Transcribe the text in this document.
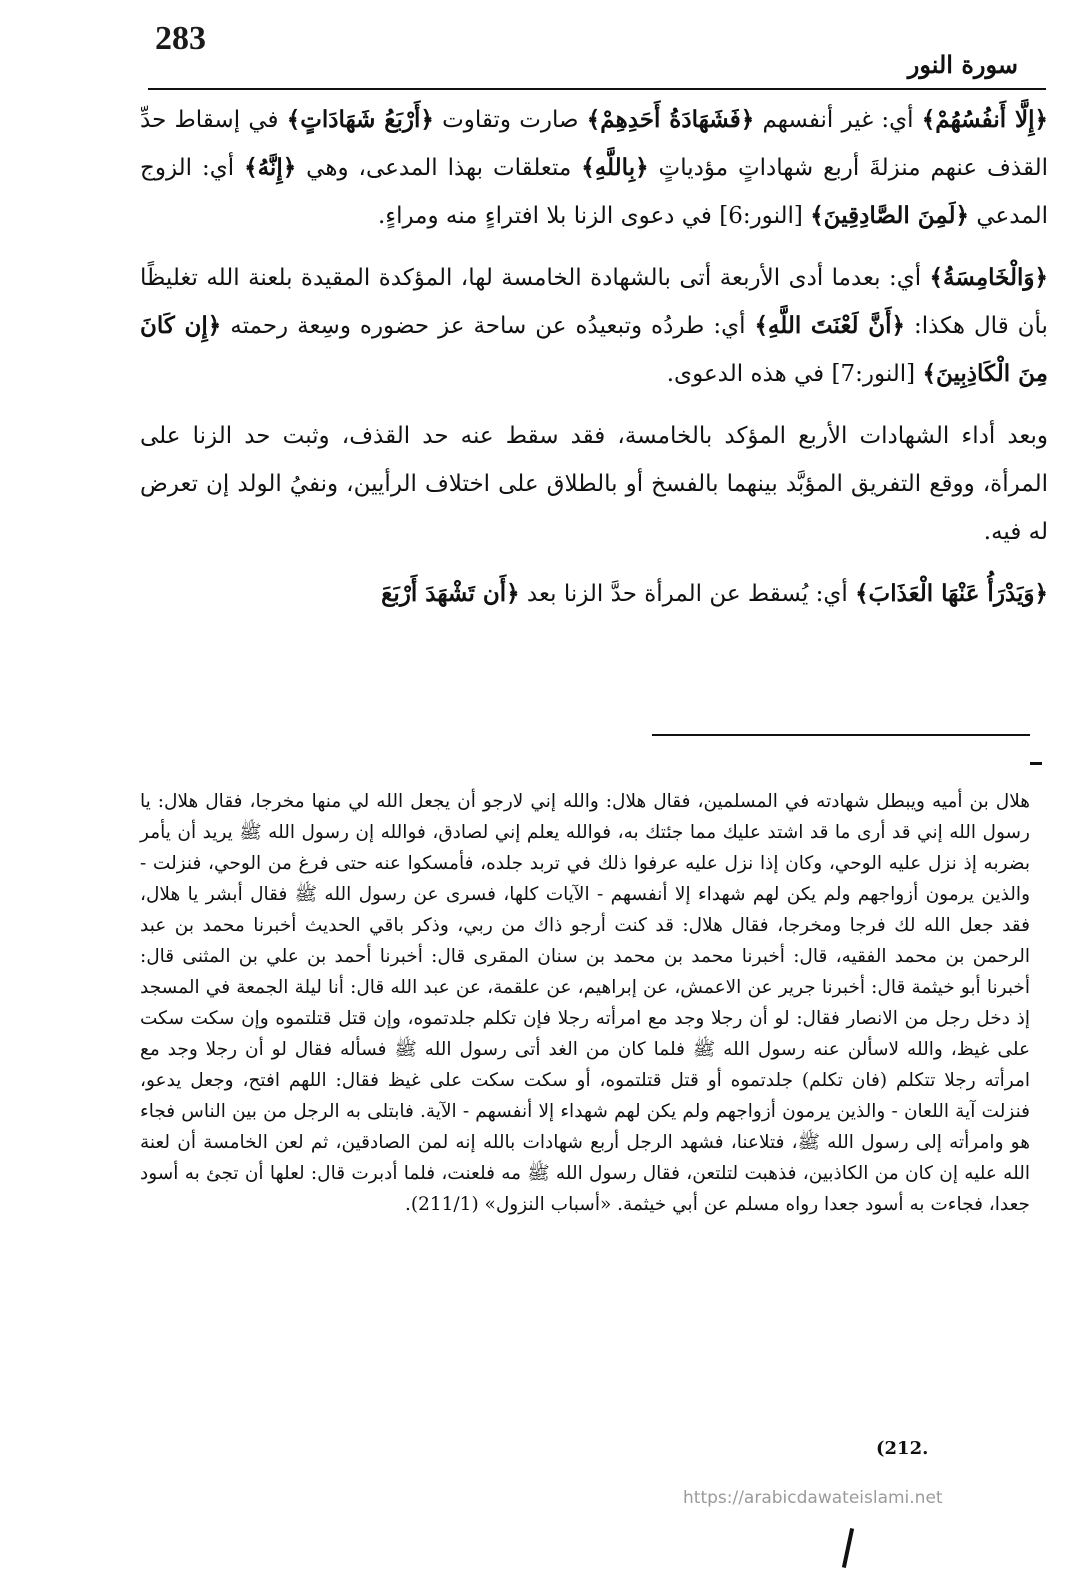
283
سورة النور

﴿إِلَّا أَنفُسُهُمْ﴾ أي: غير أنفسهم ﴿فَشَهَادَةُ أَحَدِهِمْ﴾ صارت وتقاوت ﴿أَرْبَعُ شَهَادَاتٍ﴾ في إسقاط حدِّ القذف عنهم منزلةَ أربع شهاداتٍ مؤدياتٍ ﴿بِاللَّهِ﴾ متعلقات بهذا المدعى، وهي ﴿إِنَّهُ﴾ أي: الزوج المدعي ﴿لَمِنَ الصَّادِقِينَ﴾ [النور:6] في دعوى الزنا بلا افتراءٍ منه ومراءٍ.

﴿وَالْخَامِسَةُ﴾ أي: بعدما أدى الأربعة أتى بالشهادة الخامسة لها، المؤكدة المقيدة بلعنة الله تغليظًا بأن قال هكذا: ﴿أَنَّ لَعْنَتَ اللَّهِ﴾ أي: طردُه وتبعيدُه عن ساحة عز حضوره وسِعة رحمته ﴿إِن كَانَ مِنَ الْكَاذِبِينَ﴾ [النور:7] في هذه الدعوى.

وبعد أداء الشهادات الأربع المؤكد بالخامسة، فقد سقط عنه حد القذف، وثبت حد الزنا على المرأة، ووقع التفريق المؤبَّد بينهما بالفسخ أو بالطلاق على اختلاف الرأيين، ونفيُ الولد إن تعرض له فيه.

﴿وَيَدْرَأُ عَنْهَا الْعَذَابَ﴾ أي: يُسقط عن المرأة حدَّ الزنا بعد ﴿أَن تَشْهَدَ أَرْبَعَ

هلال بن أميه ويبطل شهادته في المسلمين، فقال هلال: والله إني لارجو أن يجعل الله لي منها مخرجا، فقال هلال: يا رسول الله إني قد أرى ما قد اشتد عليك مما جئتك به، فوالله يعلم إني لصادق، فوالله إن رسول الله ﷺ يريد أن يأمر بضربه إذ نزل عليه الوحي، وكان إذا نزل عليه عرفوا ذلك في تربد جلده، فأمسكوا عنه حتى فرغ من الوحي، فنزلت - والذين يرمون أزواجهم ولم يكن لهم شهداء إلا أنفسهم - الآيات كلها، فسرى عن رسول الله ﷺ فقال أبشر يا هلال، فقد جعل الله لك فرجا ومخرجا، فقال هلال: قد كنت أرجو ذاك من ربي، وذكر باقي الحديث أخبرنا محمد بن عبد الرحمن بن محمد الفقيه، قال: أخبرنا محمد بن محمد بن سنان المقرى قال: أخبرنا أحمد بن علي بن المثنى قال: أخبرنا أبو خيثمة قال: أخبرنا جرير عن الاعمش، عن إبراهيم، عن علقمة، عن عبد الله قال: أنا ليلة الجمعة في المسجد إذ دخل رجل من الانصار فقال: لو أن رجلا وجد مع امرأته رجلا فإن تكلم جلدتموه، وإن قتل قتلتموه وإن سكت سكت على غيظ، والله لاسألن عنه رسول الله ﷺ فلما كان من الغد أتى رسول الله ﷺ فسأله فقال لو أن رجلا وجد مع امرأته رجلا تتكلم (فان تكلم) جلدتموه أو قتل قتلتموه، أو سكت سكت على غيظ فقال: اللهم افتح، وجعل يدعو، فنزلت آية اللعان - والذين يرمون أزواجهم ولم يكن لهم شهداء إلا أنفسهم - الآية. فابتلى به الرجل من بين الناس فجاء هو وامرأته إلى رسول الله ﷺ، فتلاعنا، فشهد الرجل أربع شهادات بالله إنه لمن الصادقين، ثم لعن الخامسة أن لعنة الله عليه إن كان من الكاذبين، فذهبت لتلتعن، فقال رسول الله ﷺ مه فلعنت، فلما أدبرت قال: لعلها أن تجئ به أسود جعدا، فجاءت به أسود جعدا رواه مسلم عن أبي خيثمة. «أسباب النزول» (211/1).
(212.
https://arabicdawateislami.net
